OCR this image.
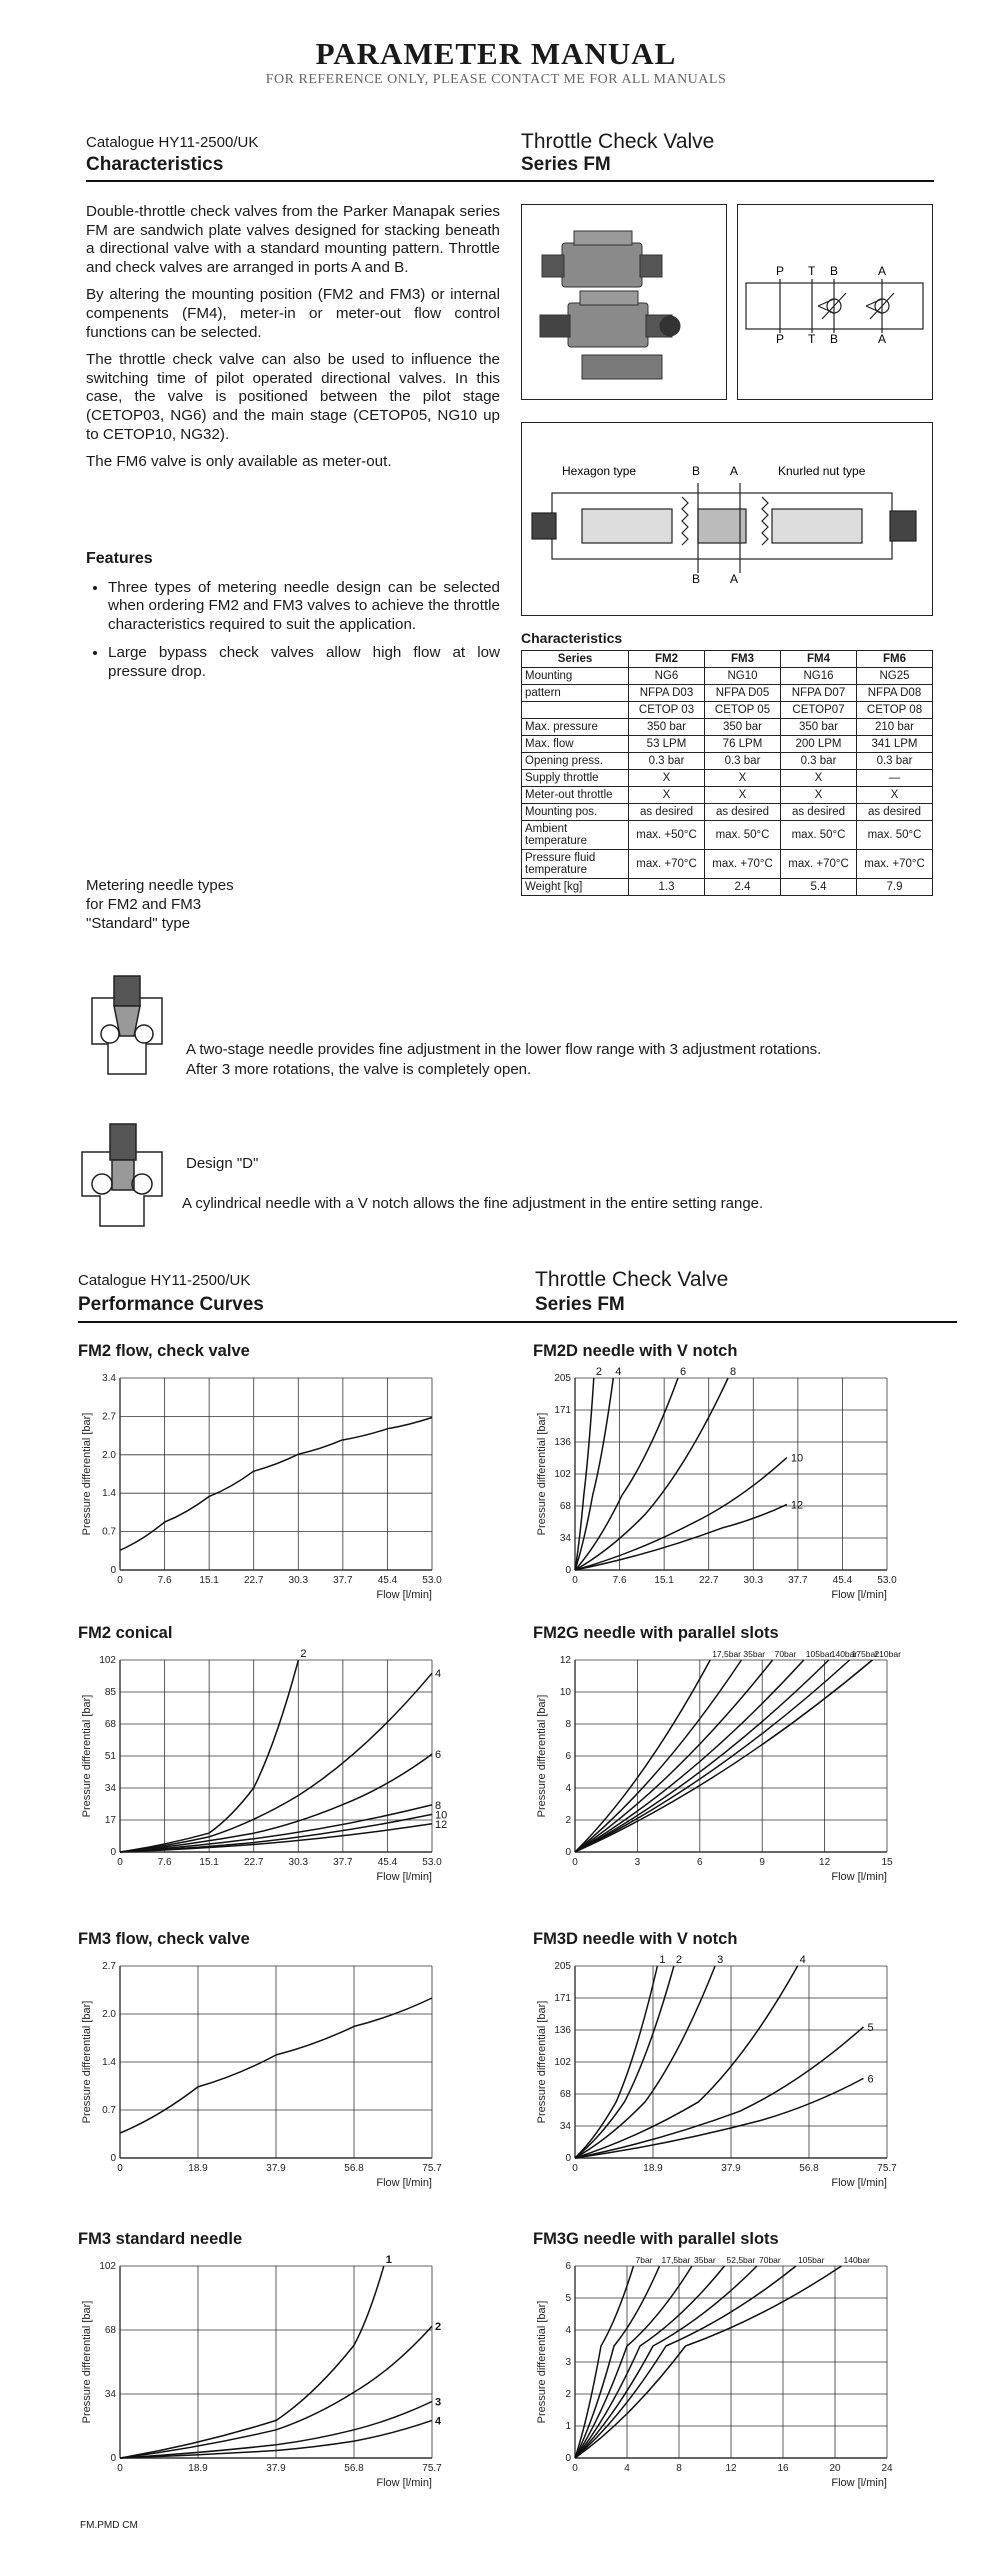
PARAMETER MANUAL
FOR REFERENCE ONLY, PLEASE CONTACT ME FOR ALL MANUALS
Catalogue HY11-2500/UK
Characteristics
Throttle Check Valve
Series FM

Double-throttle check valves from the Parker Manapak series FM are sandwich plate valves designed for stacking beneath a directional valve with a standard mounting pattern. Throttle and check valves are arranged in ports A and B.

By altering the mounting position (FM2 and FM3) or internal compenents (FM4), meter-in or meter-out flow control functions can be selected.

The throttle check valve can also be used to influence the switching time of pilot operated directional valves. In this case, the valve is positioned between the pilot stage (CETOP03, NG6) and the main stage (CETOP05, NG10 up to CETOP10, NG32).

The FM6 valve is only available as meter-out.

Features
• Three types of metering needle design can be selected when ordering FM2 and FM3 valves to achieve the throttle characteristics required to suit the application.
• Large bypass check valves allow high flow at low pressure drop.
P T B	A
P T B	A
Hexagon type	B A	Knurled nut type
B A
Characteristics
Series	FM2	FM3	FM4	FM6
Mounting	NG6	NG10	NG16	NG25
pattern	NFPA D03	NFPA D05	NFPA D07	NFPA D08
	CETOP 03	CETOP 05	CETOP07	CETOP 08
Max. pressure	350 bar	350 bar	350 bar	210 bar
Max. flow	53 LPM	76 LPM	200 LPM	341 LPM
Opening press.	0.3 bar	0.3 bar	0.3 bar	0.3 bar
Supply throttle	X	X	X	—
Meter-out throttle	X	X	X	X
Mounting pos.	as desired	as desired	as desired	as desired
Ambient temperature	max. +50°C	max. 50°C	max. 50°C	max. 50°C
Pressure fluid temperature	max. +70°C	max. +70°C	max. +70°C	max. +70°C
Weight [kg]	1.3	2.4	5.4	7.9
Metering needle types
for FM2 and FM3
"Standard" type
A two-stage needle provides fine adjustment in the lower flow range with 3 adjustment rotations.
After 3 more rotations, the valve is completely open.
Design "D"
A cylindrical needle with a V notch allows the fine adjustment in the entire setting range.
Catalogue HY11-2500/UK
Performance Curves
Throttle Check Valve
Series FM
FM2 flow, check valve
0	7.6	15.1	22.7	30.3	37.7	45.4	53.0
0
0.7
1.4
2.0
2.7
3.4
Flow [l/min]
Pressure differential [bar]
FM2D needle with V notch
0	7.6	15.1	22.7	30.3	37.7	45.4	53.0
0
34
68
102
136
171
205
Flow [l/min]
Pressure differential [bar]
2 4	6	8
10
12
FM2 conical
0	7.6	15.1	22.7	30.3	37.7	45.4	53.0
0
17
34
51
68
85
102
Flow [l/min]
Pressure differential [bar]
2
4
6
8
10
12
FM2G needle with parallel slots
0	3	6	9	12	15
0
2
4
6
8
10
12
Flow [l/min]
Pressure differential [bar]
17,5bar 35bar 70bar 105bar
140bar
175bar
210bar
FM3 flow, check valve
0	18.9	37.9	56.8	75.7
0
0.7
1.4
2.0
2.7
Flow [l/min]
Pressure differential [bar]
FM3D needle with V notch
0	18.9	37.9	56.8	75.7
0
34
68
102
136
171
205
Flow [l/min]
Pressure differential [bar]
1 2	3	4
5
6
FM3 standard needle
0	18.9	37.9	56.8	75.7
0
34
68
102
Flow [l/min]
Pressure differential [bar]
1
2
3
4
FM3G needle with parallel slots
0	4	8	12	16	20	24
0
1
2
3
4
5
6
Flow [l/min]
Pressure differential [bar]
7bar 17,5bar 35bar 52,5bar 70bar 105bar 140bar
FM.PMD CM
